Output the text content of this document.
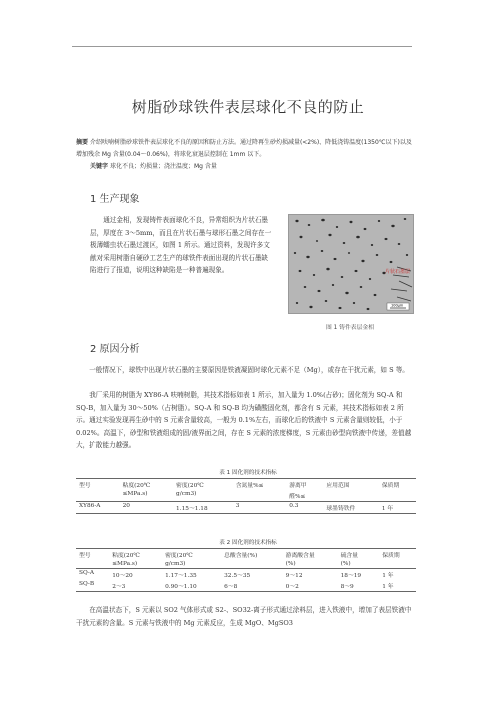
树脂砂球铁件表层球化不良的防止
摘要 介绍呋喃树脂砂球铁件表层球化不良的原因和防止方法。通过降再生砂灼损减量(<2%)、降低浇铸温度(1350℃以下)以及增加残余 Mg 含量(0.04～0.06%)，将球化衰退层控制在 1mm 以下。
关键字 球化不良；灼损量；浇注温度；Mg 含量
1 生产现象
通过金相，发现铸件表面球化不良，异常组织为片状石墨层，厚度在 3～5mm，而且在片状石墨与球形石墨之间存在一极薄蠕虫状石墨过渡区，如图 1 所示。通过资料，发现许多文献对采用树脂自硬砂工艺生产的球铁件表面出现的片状石墨缺陷进行了报道，说明这种缺陷是一种普遍现象。	片状石墨层
100μm
图 1 铸件表层金相
2 原因分析
一般情况下，球铁中出现片状石墨的主要原因是铁液凝固时球化元素不足（Mg），或存在干扰元素，如 S 等。
我厂采用的树脂为 XY86-A 呋喃树脂，其技术指标如表 1 所示，加入量为 1.0%(占砂)；固化剂为 SQ-A 和 SQ-B，加入量为 30～50%（占树脂）。SQ-A 和 SQ-B 均为磺酸固化剂，都含有 S 元素，其技术指标如表 2 所示。通过实验发现再生砂中的 S 元素含量较高，一般为 0.1%左右，而球化后的铁液中 S 元素含量则较低，小于 0.02%。高温下，砂型和铁液组成的固/液界面之间，存在 S 元素的浓度梯度，S 元素由砂型向铁液中传递，差值越大，扩散能力越强。
表 1 固化剂的技术指标
型号	粘度(20℃	密度(20℃	含氮量%≤	游离甲	应用范围	保质期
	≤MPa.s)	g/cm3)		醛%≤		
XY86-A	20	1.15～1.18	3	0.3	球墨铸铁件	1 年
表 2 固化剂的技术指标
型号	粘度(20℃	密度(20℃	总酸含量(%)	游离酸含量	硫含量	保质期
	≤MPa.s)	g/cm3)		(%)	(%)	
SQ-A	10～20	1.17～1.35	32.5～35	9～12	18～19	1 年
SQ-B	2～3	0.90～1.10	6～8	0～2	8～9	1 年
在高温状态下，S 元素以 SO2 气体形式或 S2-、SO32-离子形式通过涂料层，进入铁液中，增加了表层铁液中干扰元素的含量。S 元素与铁液中的 Mg 元素反应，生成 MgO、MgSO3
